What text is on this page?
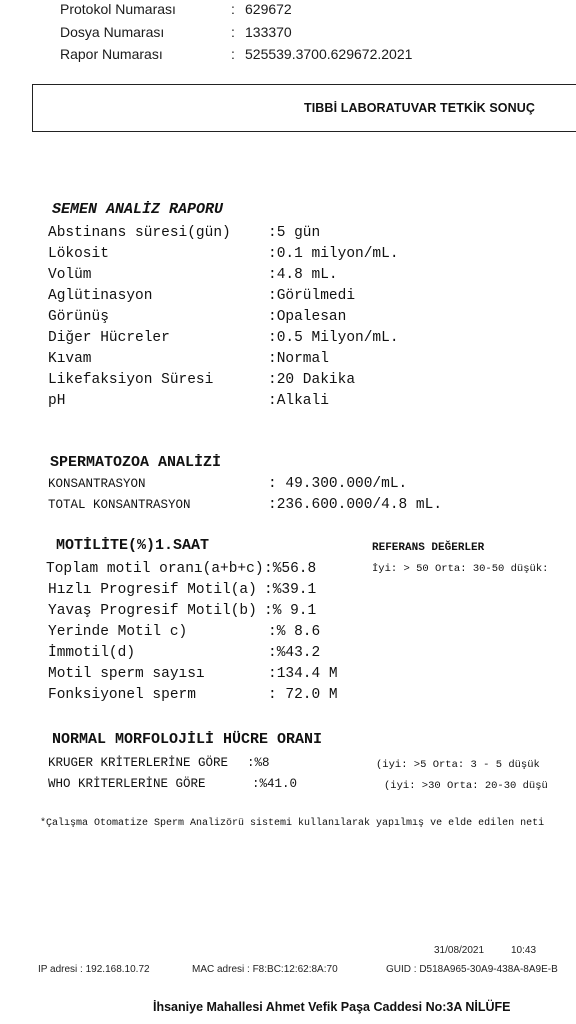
Protokol Numarası	: 629672
Dosya Numarası	: 133370
Rapor Numarası	: 525539.3700.629672.2021
TIBBİ LABORATUVAR TETKİK SONUÇ
SEMEN ANALİZ RAPORU
Abstinans süresi(gün)	:5 gün
Lökosit	:0.1 milyon/mL.
Volüm	:4.8 mL.
Aglütinasyon	:Görülmedi
Görünüş	:Opalesan
Diğer Hücreler	:0.5 Milyon/mL.
Kıvam	:Normal
Likefaksiyon Süresi	:20 Dakika
pH	:Alkali
SPERMATOZOA ANALİZİ
KONSANTRASYON	: 49.300.000/mL.
TOTAL KONSANTRASYON	:236.600.000/4.8 mL.
MOTİLİTE(%)1.SAAT	REFERANS DEĞERLER
İyi: > 50 Orta: 30-50 düşük:
Toplam motil oranı(a+b+c) :%56.8
Hızlı Progresif Motil(a) :%39.1
Yavaş Progresif Motil(b) :% 9.1
Yerinde Motil c)	:% 8.6
İmmotil(d)	:%43.2
Motil sperm sayısı	:134.4 M
Fonksiyonel sperm	: 72.0 M
NORMAL MORFOLOJİLİ HÜCRE ORANI
KRUGER KRİTERLERİNE GÖRE :%8	(iyi: >5 Orta: 3 - 5 düşük
WHO KRİTERLERİNE GÖRE	:%41.0	(iyi: >30 Orta: 20-30 düşü
*Çalışma Otomatize Sperm Analizörü sistemi kullanılarak yapılmış ve elde edilen neti
31/08/2021	10:43
IP adresi : 192.168.10.72	MAC adresi : F8:BC:12:62:8A:70	GUID : D518A965-30A9-438A-8A9E-B
İhsaniye Mahallesi Ahmet Vefik Paşa Caddesi No:3A NİLÜFE
